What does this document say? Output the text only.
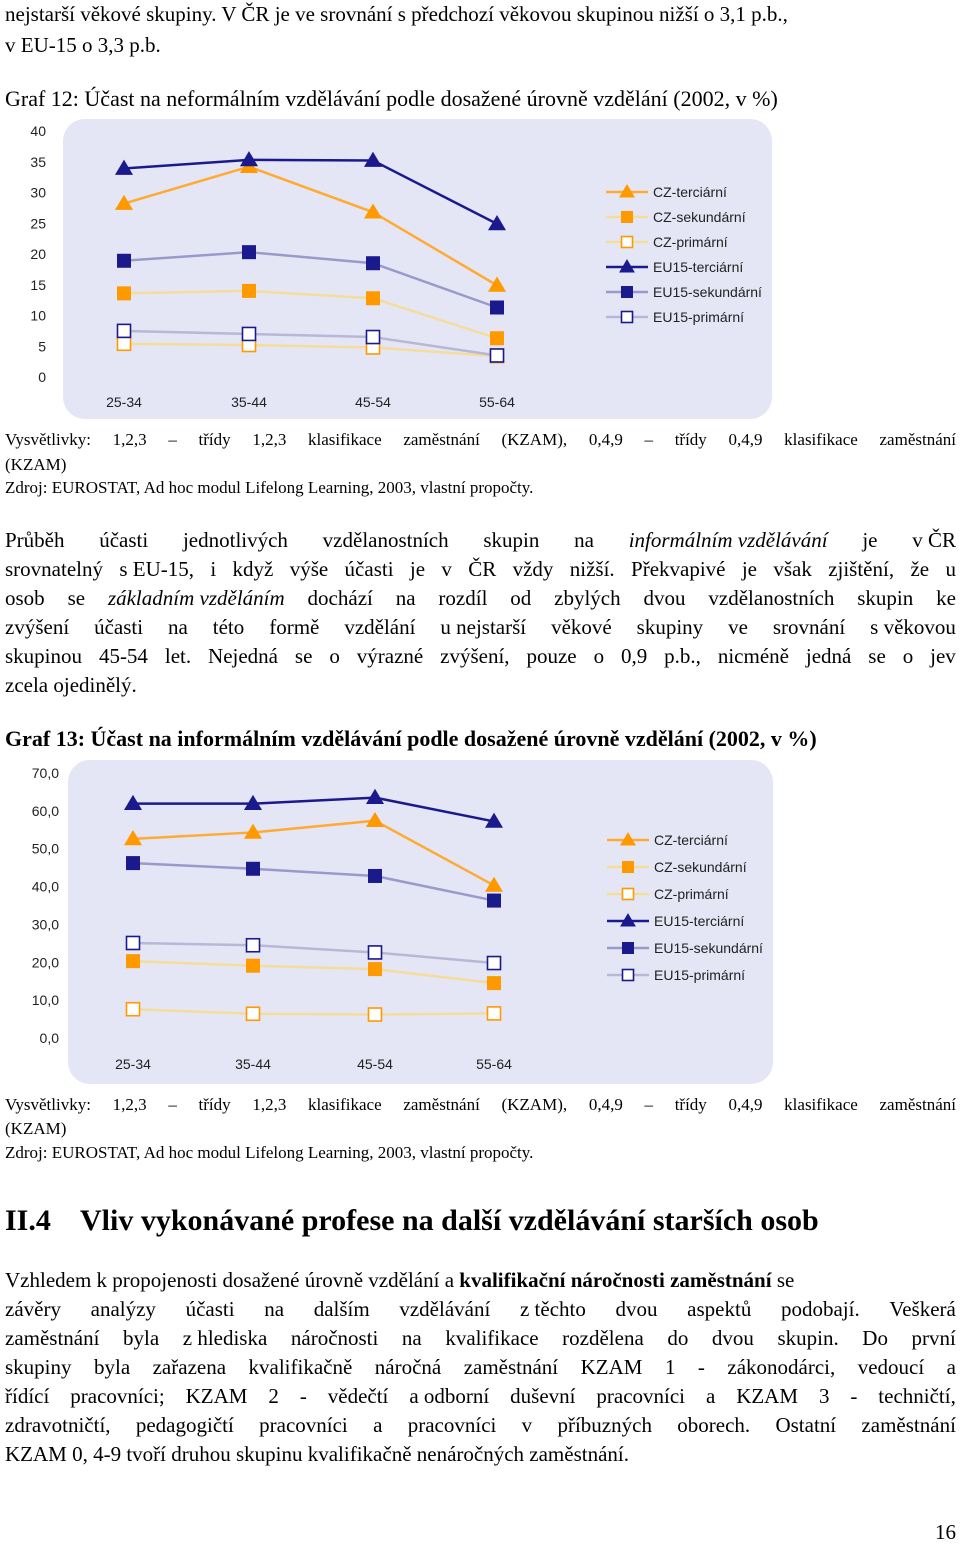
nejstarší věkové skupiny. V ČR je ve srovnání s předchozí věkovou skupinou nižší o 3,1 p.b.,
v EU-15 o 3,3 p.b.
Graf 12: Účast na neformálním vzdělávání podle dosažené úrovně vzdělání (2002, v %)
0
5
10
15
20
25
30
35
40
25-34	35-44	45-54	55-64
CZ-terciární
CZ-sekundární
CZ-primární
EU15-terciární
EU15-sekundární
EU15-primární
Vysvětlivky: 1,2,3 – třídy 1,2,3 klasifikace zaměstnání (KZAM), 0,4,9 – třídy 0,4,9 klasifikace zaměstnání
(KZAM)
Zdroj: EUROSTAT, Ad hoc modul Lifelong Learning, 2003, vlastní propočty.
Průběh účasti jednotlivých vzdělanostních skupin na informálním vzdělávání je v ČR
srovnatelný s EU-15, i když výše účasti je v ČR vždy nižší. Překvapivé je však zjištění, že u
osob se základním vzděláním dochází na rozdíl od zbylých dvou vzdělanostních skupin ke
zvýšení účasti na této formě vzdělání u nejstarší věkové skupiny ve srovnání s věkovou
skupinou 45-54 let. Nejedná se o výrazné zvýšení, pouze o 0,9 p.b., nicméně jedná se o jev
zcela ojedinělý.
Graf 13: Účast na informálním vzdělávání podle dosažené úrovně vzdělání (2002, v %)
0,0
10,0
20,0
30,0
40,0
50,0
60,0
70,0
25-34	35-44	45-54	55-64
CZ-terciární
CZ-sekundární
CZ-primární
EU15-terciární
EU15-sekundární
EU15-primární
Vysvětlivky: 1,2,3 – třídy 1,2,3 klasifikace zaměstnání (KZAM), 0,4,9 – třídy 0,4,9 klasifikace zaměstnání
(KZAM)
Zdroj: EUROSTAT, Ad hoc modul Lifelong Learning, 2003, vlastní propočty.
II.4 Vliv vykonávané profese na další vzdělávání starších osob
Vzhledem k propojenosti dosažené úrovně vzdělání a kvalifikační náročnosti zaměstnání se
závěry analýzy účasti na dalším vzdělávání z těchto dvou aspektů podobají. Veškerá
zaměstnání byla z hlediska náročnosti na kvalifikace rozdělena do dvou skupin. Do první
skupiny byla zařazena kvalifikačně náročná zaměstnání KZAM 1 - zákonodárci, vedoucí a
řídící pracovníci; KZAM 2 - vědečtí a odborní duševní pracovníci a KZAM 3 - techničtí,
zdravotničtí, pedagogičtí pracovníci a pracovníci v příbuzných oborech. Ostatní zaměstnání
KZAM 0, 4-9 tvoří druhou skupinu kvalifikačně nenáročných zaměstnání.
16
